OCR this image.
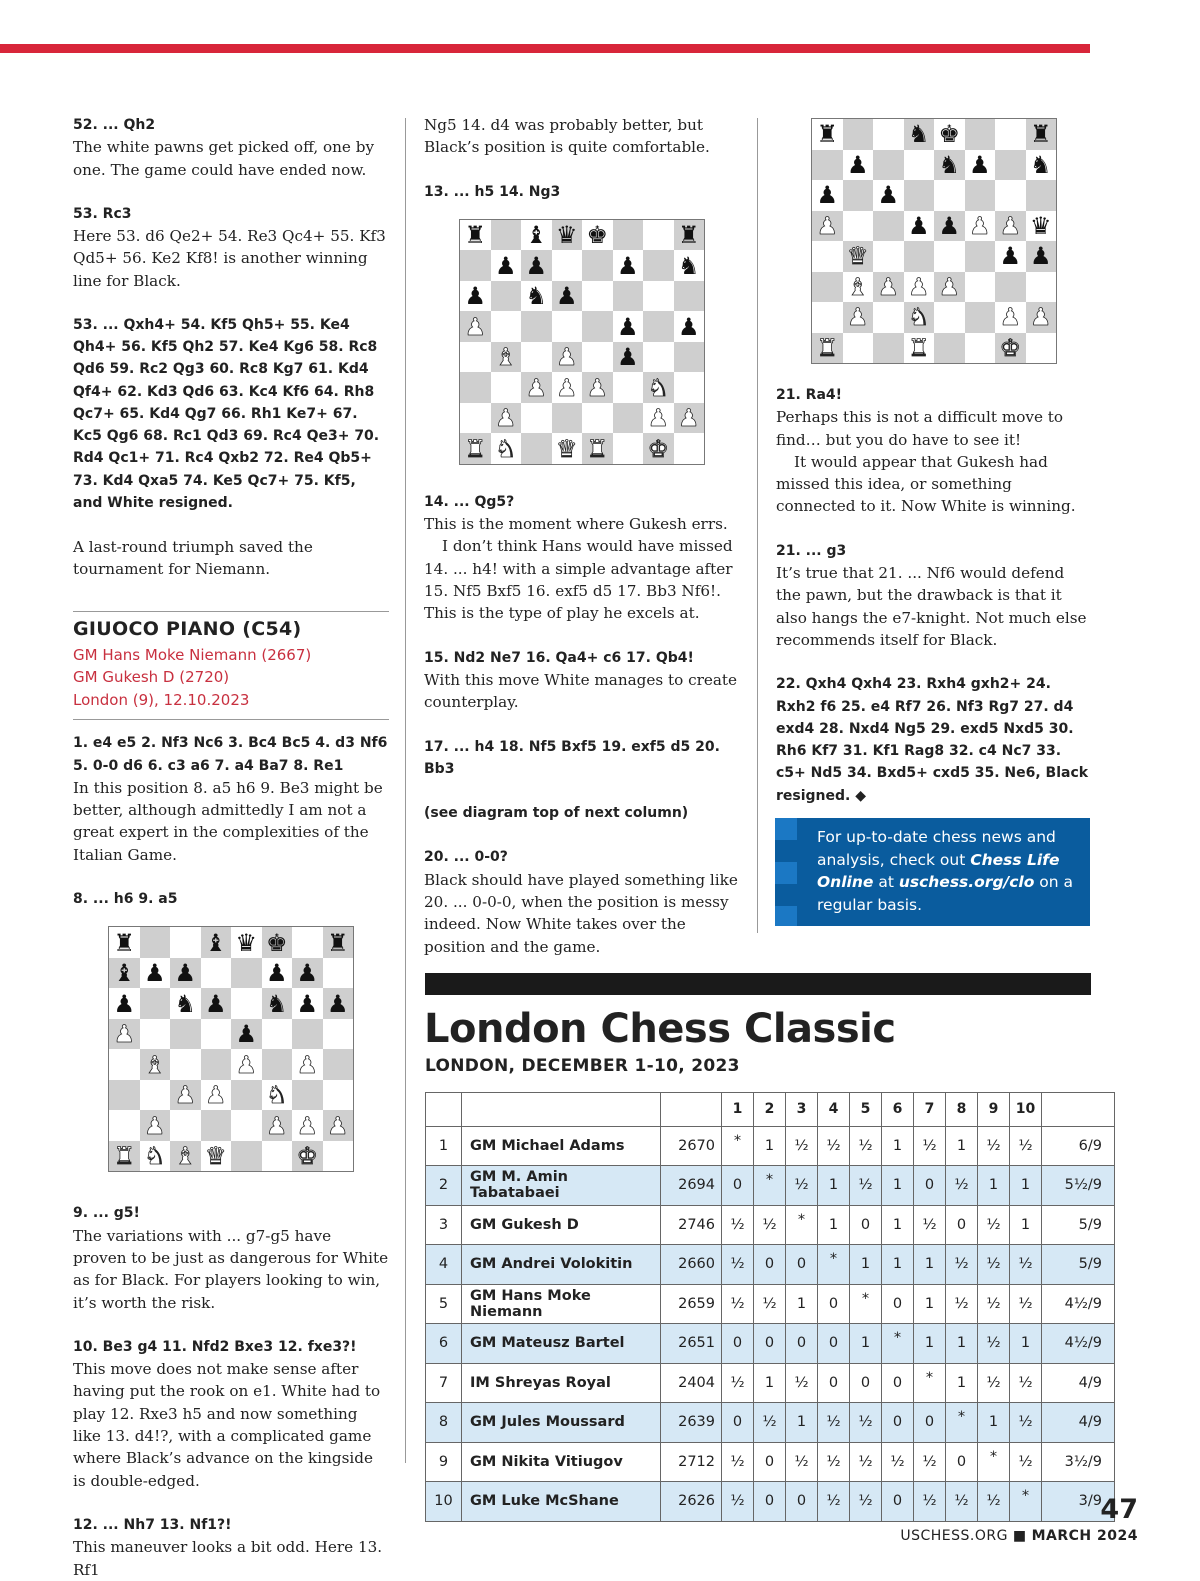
52. ... Qh2

The white pawns get picked off, one by one. The game could have ended now.

53. Rc3

Here 53. d6 Qe2+ 54. Re3 Qc4+ 55. Kf3 Qd5+ 56. Ke2 Kf8! is another winning line for Black.

53. ... Qxh4+ 54. Kf5 Qh5+ 55. Ke4 Qh4+ 56. Kf5 Qh2 57. Ke4 Kg6 58. Rc8 Qd6 59. Rc2 Qg3 60. Rc8 Kg7 61. Kd4 Qf4+ 62. Kd3 Qd6 63. Kc4 Kf6 64. Rh8 Qc7+ 65. Kd4 Qg7 66. Rh1 Ke7+ 67. Kc5 Qg6 68. Rc1 Qd3 69. Rc4 Qe3+ 70. Rd4 Qc1+ 71. Rc4 Qxb2 72. Re4 Qb5+ 73. Kd4 Qxa5 74. Ke5 Qc7+ 75. Kf5, and White resigned.

A last-round triumph saved the tournament for Niemann.

GIUOCO PIANO (C54)
GM Hans Moke Niemann (2667)
GM Gukesh D (2720)
London (9), 12.10.2023

1. e4 e5 2. Nf3 Nc6 3. Bc4 Bc5 4. d3 Nf6 5. 0-0 d6 6. c3 a6 7. a4 Ba7 8. Re1

In this position 8. a5 h6 9. Be3 might be better, although admittedly I am not a great expert in the complexities of the Italian Game.

8. ... h6 9. a5

♜	♝ ♛ ♚ ♜
♝ ♟ ♟	♟ ♟
♟ ♞ ♟ ♞ ♟ ♟
♟	♟
♝	♟ ♟
♟ ♟ ♞
♟	♟ ♟ ♟
♜ ♞ ♝ ♛	♚

9. ... g5!

The variations with ... g7-g5 have proven to be just as dangerous for White as for Black. For players looking to win, it’s worth the risk.

10. Be3 g4 11. Nfd2 Bxe3 12. fxe3?!

This move does not make sense after having put the rook on e1. White had to play 12. Rxe3 h5 and now something like 13. d4!?, with a complicated game where Black’s advance on the kingside is double-edged.

12. ... Nh7 13. Nf1?!

This maneuver looks a bit odd. Here 13. Rf1

Ng5 14. d4 was probably better, but Black’s position is quite comfortable.

13. ... h5 14. Ng3

♜ ♝ ♛ ♚	♜
♟ ♟	♟ ♞
♟ ♞ ♟
♟	♟ ♟
♝ ♟ ♟
♟ ♟ ♟ ♞
♟	♟ ♟
♜ ♞ ♛ ♜ ♚

14. ... Qg5?

This is the moment where Gukesh errs.

I don’t think Hans would have missed 14. ... h4! with a simple advantage after 15. Nf5 Bxf5 16. exf5 d5 17. Bb3 Nf6!. This is the type of play he excels at.

15. Nd2 Ne7 16. Qa4+ c6 17. Qb4!

With this move White manages to create counterplay.

17. ... h4 18. Nf5 Bxf5 19. exf5 d5 20. Bb3

(see diagram top of next column)

20. ... 0-0?

Black should have played something like 20. ... 0-0-0, when the position is messy indeed. Now White takes over the position and the game.

♜	♞ ♚	♜
♟	♞ ♟ ♞
♟ ♟
♟	♟ ♟ ♟ ♟ ♛
♛	♟ ♟
♝ ♟ ♟ ♟
♟ ♞	♟ ♟
♜	♜	♚

21. Ra4!

Perhaps this is not a difficult move to find… but you do have to see it!

It would appear that Gukesh had missed this idea, or something connected to it. Now White is winning.

21. ... g3

It’s true that 21. ... Nf6 would defend the pawn, but the drawback is that it also hangs the e7-knight. Not much else recommends itself for Black.

22. Qxh4 Qxh4 23. Rxh4 gxh2+ 24. Rxh2 f6 25. e4 Rf7 26. Nf3 Rg7 27. d4 exd4 28. Nxd4 Ng5 29. exd5 Nxd5 30. Rh6 Kf7 31. Kf1 Rag8 32. c4 Nc7 33. c5+ Nd5 34. Bxd5+ cxd5 35. Ne6, Black resigned. ◆

For up-to-date chess news and analysis, check out Chess Life Online at uschess.org/clo on a regular basis.
London Chess Classic
LONDON, DECEMBER 1-10, 2023
			1	2	3	4	5	6	7	8	9	10	
1	GM Michael Adams	2670	*	1	½	½	½	1	½	1	½	½	6/9
2	GM M. Amin Tabatabaei	2694	0	*	½	1	½	1	0	½	1	1	5½/9
3	GM Gukesh D	2746	½	½	*	1	0	1	½	0	½	1	5/9
4	GM Andrei Volokitin	2660	½	0	0	*	1	1	1	½	½	½	5/9
5	GM Hans Moke Niemann	2659	½	½	1	0	*	0	1	½	½	½	4½/9
6	GM Mateusz Bartel	2651	0	0	0	0	1	*	1	1	½	1	4½/9
7	IM Shreyas Royal	2404	½	1	½	0	0	0	*	1	½	½	4/9
8	GM Jules Moussard	2639	0	½	1	½	½	0	0	*	1	½	4/9
9	GM Nikita Vitiugov	2712	½	0	½	½	½	½	½	0	*	½	3½/9
10	GM Luke McShane	2626	½	0	0	½	½	0	½	½	½	*	3/9
47
USCHESS.ORG ■ MARCH 2024
